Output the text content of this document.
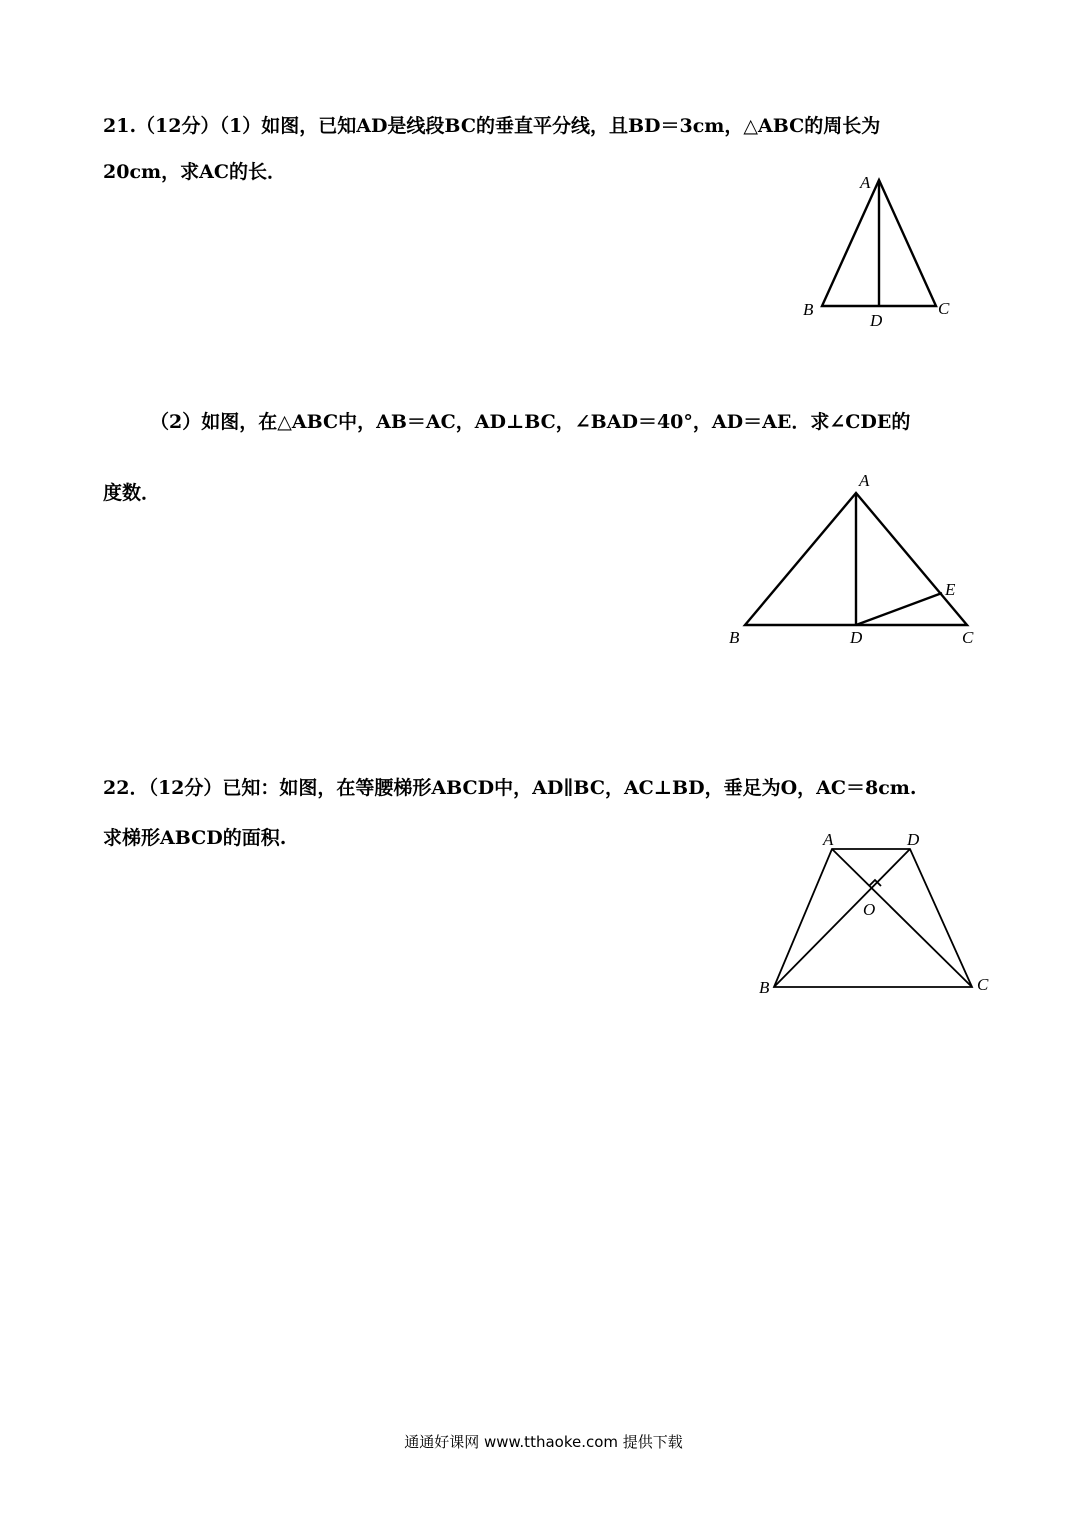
21.（12分）（1）如图，已知AD是线段BC的垂直平分线，且BD＝3cm，△ABC的周长为
20cm，求AC的长．	A
B	C
D
（2）如图，在△ABC中，AB＝AC，AD⊥BC，∠BAD＝40°，AD＝AE．求∠CDE的
度数．
A
B	C
D
E
22．（12分）已知：如图，在等腰梯形ABCD中，AD∥BC，AC⊥BD，垂足为O，AC＝8cm.
求梯形ABCD的面积.	A	D
O
B	C
通通好课网 www.tthaoke.com 提供下载
